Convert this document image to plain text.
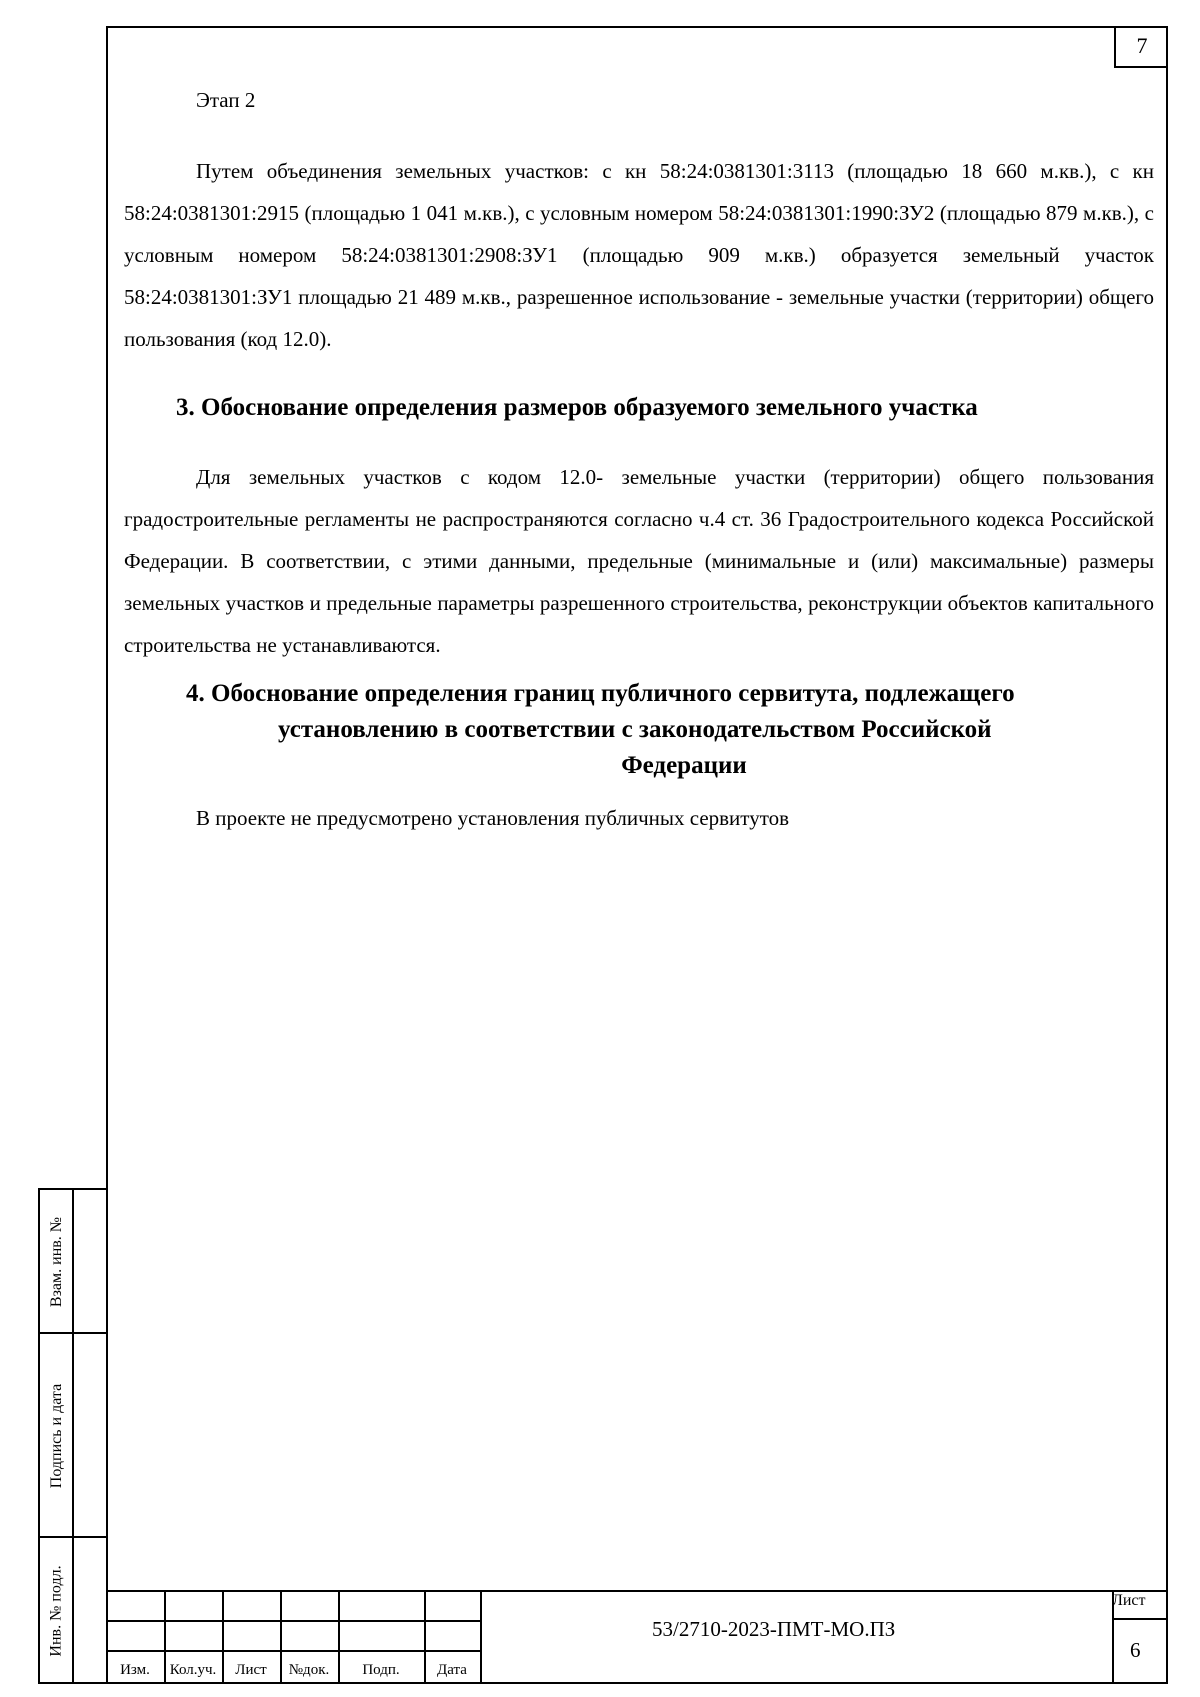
7
Этап 2

Путем объединения земельных участков: с кн 58:24:0381301:3113 (площадью 18 660 м.кв.), с кн 58:24:0381301:2915 (площадью 1 041 м.кв.), с условным номером 58:24:0381301:1990:ЗУ2 (площадью 879 м.кв.), с условным номером 58:24:0381301:2908:ЗУ1 (площадью 909 м.кв.) образуется земельный участок 58:24:0381301:ЗУ1 площадью 21 489 м.кв., разрешенное использование - земельные участки (территории) общего пользования (код 12.0).

3. Обоснование определения размеров образуемого земельного участка

Для земельных участков с кодом 12.0- земельные участки (территории) общего пользования градостроительные регламенты не распространяются согласно ч.4 ст. 36 Градостроительного кодекса Российской Федерации. В соответствии, с этими данными, предельные (минимальные и (или) максимальные) размеры земельных участков и предельные параметры разрешенного строительства, реконструкции объектов капитального строительства не устанавливаются.

4. Обоснование определения границ публичного сервитута, подлежащего
установлению в соответствии с законодательством Российской
Федерации

В проекте не предусмотрено установления публичных сервитутов

Взам. инв. №
Подпись и дата
Инв. № подл.
Изм.	Кол.уч.	Лист	№док.	Подп.	Дата
53/2710-2023-ПМТ-МО.ПЗ
Лист
6
